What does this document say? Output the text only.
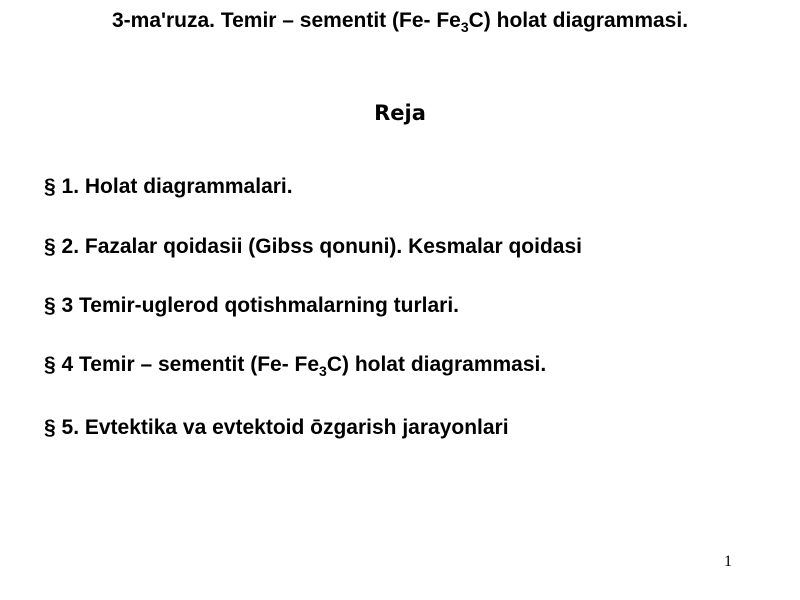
3-ma'ruza. Temir – sementit (Fe- $Fe_3C$) holat diagrammasi.
Reja
§ 1. Holat diagrammalari.
§ 2. Fazalar qoidasii (Gibss qonuni). Kesmalar qoidasi
§ 3 Temir-uglerod qotishmalarning turlari.
§ 4 Temir – sementit (Fe- $Fe_3C$) holat diagrammasi.
§ 5. Evtektika va evtektoid ōzgarish jarayonlari
1
